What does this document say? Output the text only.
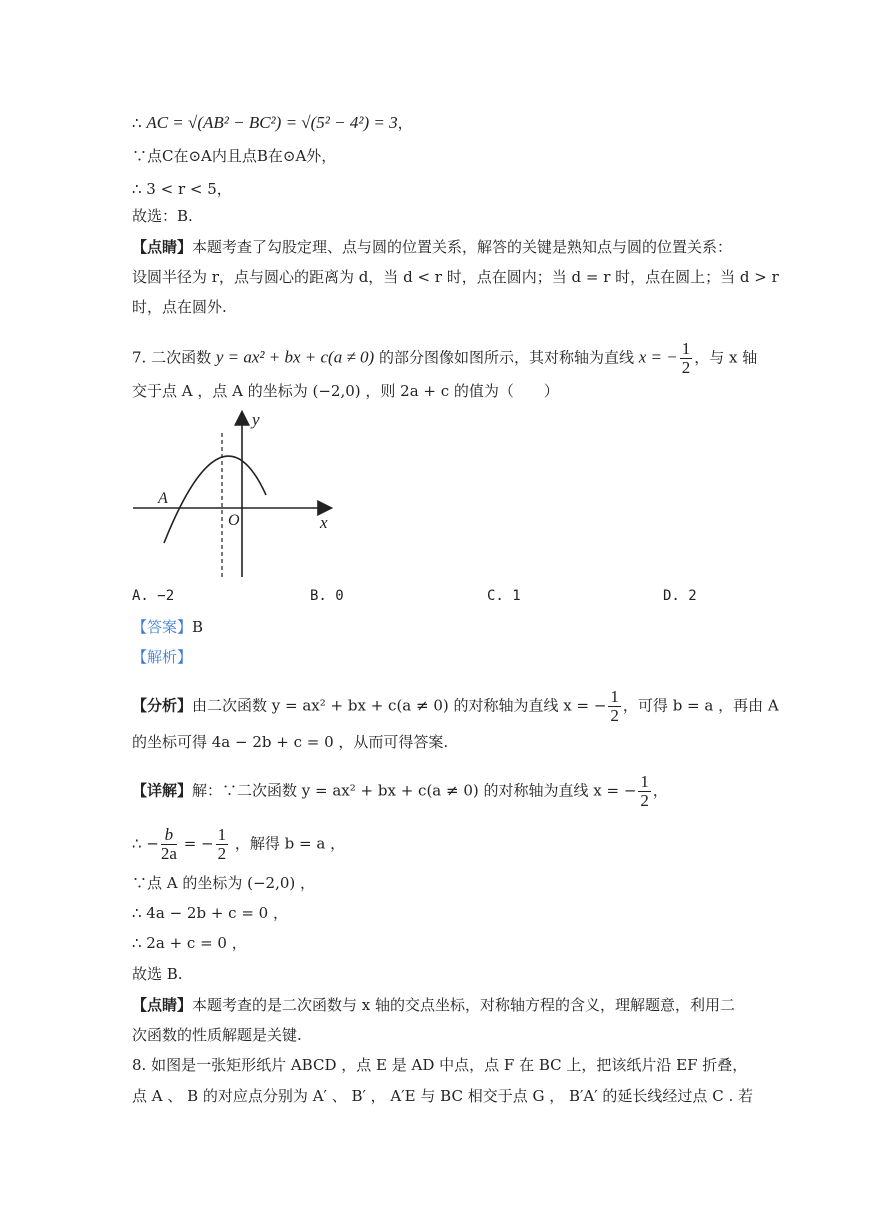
∴ AC = √(AB² − BC²) = √(5² − 4²) = 3，
∵点C在⊙A内且点B在⊙A外，
∴ 3 < r < 5，
故选：B.
【点睛】本题考查了勾股定理、点与圆的位置关系，解答的关键是熟知点与圆的位置关系：
设圆半径为 r，点与圆心的距离为 d，当 d < r 时，点在圆内；当 d = r 时，点在圆上；当 d > r
时，点在圆外.
7. 二次函数 y = ax² + bx + c(a ≠ 0) 的部分图像如图所示，其对称轴为直线 x = − $\frac{1}{2}$ ，与 x 轴
交于点 A ，点 A 的坐标为 (−2,0) ，则 2a + c 的值为（　　）
y
x
O
A
A. −2	B. 0	C. 1	D. 2
【答案】B
【解析】
【分析】由二次函数 y = ax² + bx + c(a ≠ 0) 的对称轴为直线 x = − $\frac{1}{2}$ ，可得 b = a ，再由 A
的坐标可得 4a − 2b + c = 0 ，从而可得答案.
【详解】解：∵二次函数 y = ax² + bx + c(a ≠ 0) 的对称轴为直线 x = − $\frac{1}{2}$ ，
∴ − $\frac{b}{2a}$ = − $\frac{1}{2}$ ，解得 b = a ，
∵点 A 的坐标为 (−2,0) ，
∴ 4a − 2b + c = 0 ，
∴ 2a + c = 0 ，
故选 B.
【点睛】本题考查的是二次函数与 x 轴的交点坐标，对称轴方程的含义，理解题意，利用二
次函数的性质解题是关键.
8. 如图是一张矩形纸片 ABCD ，点 E 是 AD 中点，点 F 在 BC 上，把该纸片沿 EF 折叠，
点 A 、 B 的对应点分别为 A′ 、 B′ ， A′E 与 BC 相交于点 G ， B′A′ 的延长线经过点 C . 若
